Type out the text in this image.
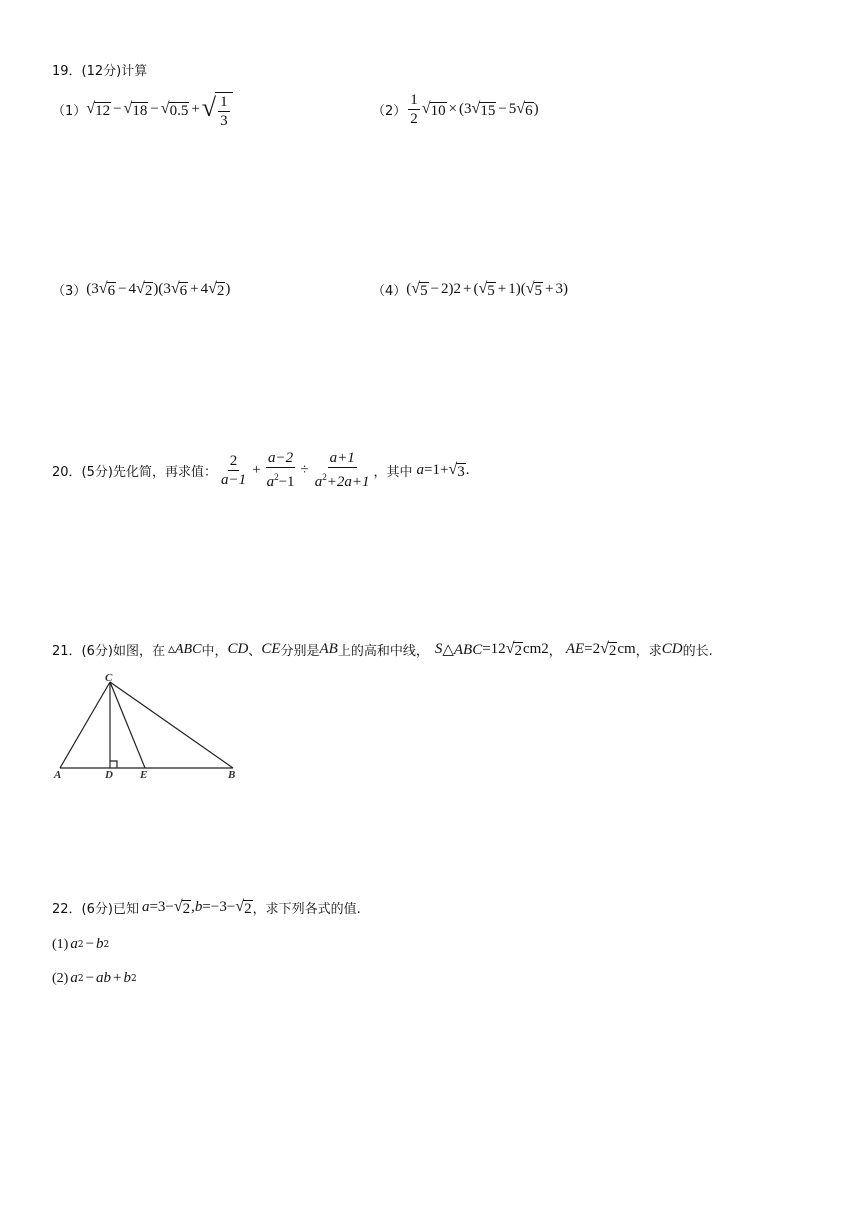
19．(12分)计算
（1） √ 12 − √ 18 − √ 0.5 + √ $\frac{1}{3}$	$(2) \frac{1}{2}$ √ 10 × ( 3 √ 15 − 5 √ 6 )
（3） ( 3 √ 6 − 4 √ 2 )( 3 √ 6 + 4 √ 2 )	（4） ( √ 5 − 2 ) 2 + ( √ 5 + 1 )( √ 5 + 3 )
20．(5分)先化简，再求值： $\frac{2}{a-1} + \frac{a-2}{a^2-1} \div \frac{a+1}{a^2+2a+1}$ ，其中 a =1+ √ 3 .
21．(6分)如图，在 ▵ABC 中， CD 、 CE 分别是 AB 上的高和中线， S △ABC =12 √ 2 cm 2 ， AE =2 √ 2 cm ，求 CD 的长.
C
A	D E	B
22．(6分)已知 a =3− √ 2 , b =−3− √ 2 ，求下列各式的值.
(1) a 2 − b 2
(2) a 2 − ab + b 2
